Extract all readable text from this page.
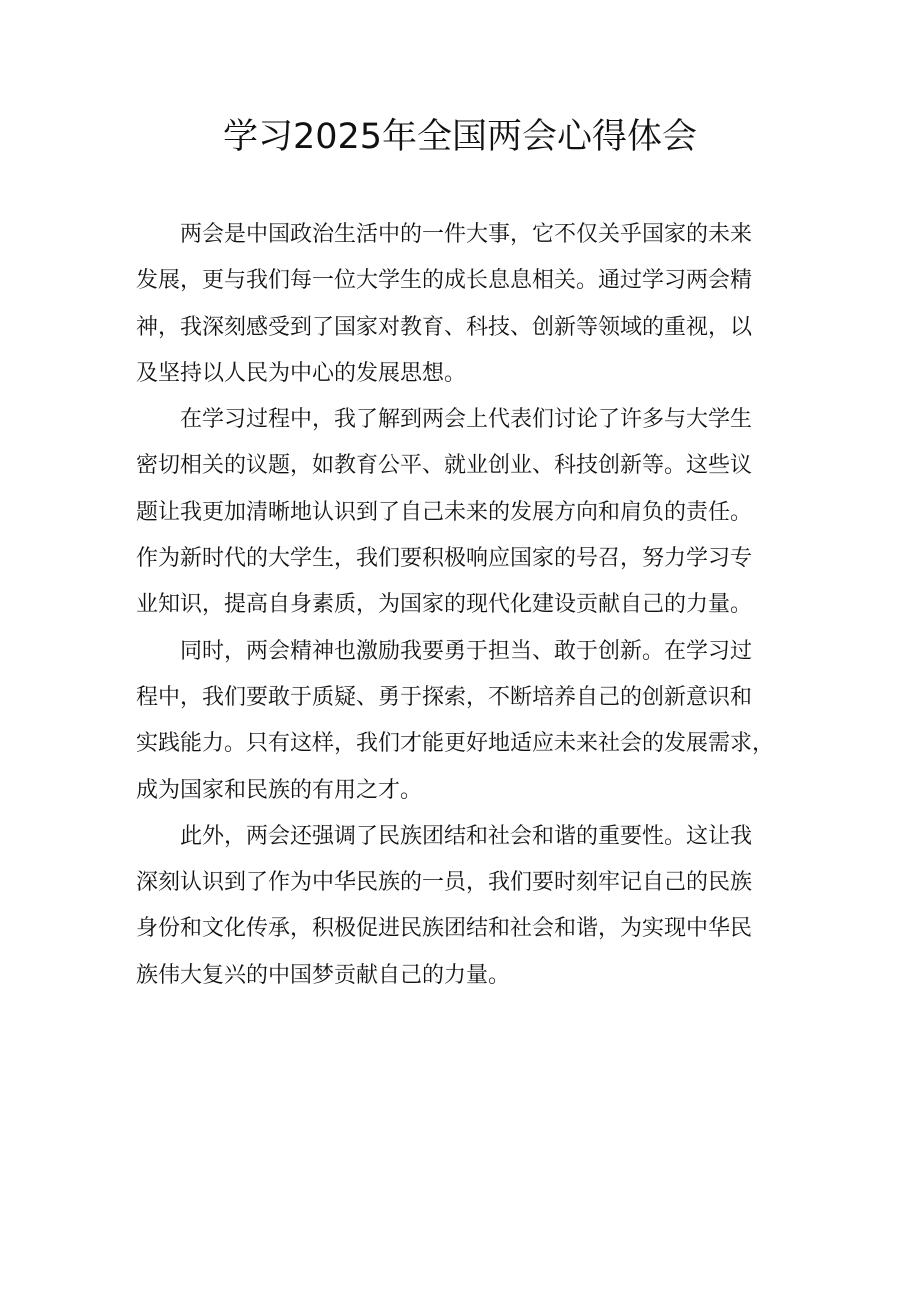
学习2025年全国两会心得体会

两会是中国政治生活中的一件大事，它不仅关乎国家的未来
发展，更与我们每一位大学生的成长息息相关。通过学习两会精
神，我深刻感受到了国家对教育、科技、创新等领域的重视，以
及坚持以人民为中心的发展思想。

在学习过程中，我了解到两会上代表们讨论了许多与大学生
密切相关的议题，如教育公平、就业创业、科技创新等。这些议
题让我更加清晰地认识到了自己未来的发展方向和肩负的责任。
作为新时代的大学生，我们要积极响应国家的号召，努力学习专
业知识，提高自身素质，为国家的现代化建设贡献自己的力量。

同时，两会精神也激励我要勇于担当、敢于创新。在学习过
程中，我们要敢于质疑、勇于探索，不断培养自己的创新意识和
实践能力。只有这样，我们才能更好地适应未来社会的发展需求，
成为国家和民族的有用之才。

此外，两会还强调了民族团结和社会和谐的重要性。这让我
深刻认识到了作为中华民族的一员，我们要时刻牢记自己的民族
身份和文化传承，积极促进民族团结和社会和谐，为实现中华民
族伟大复兴的中国梦贡献自己的力量。
